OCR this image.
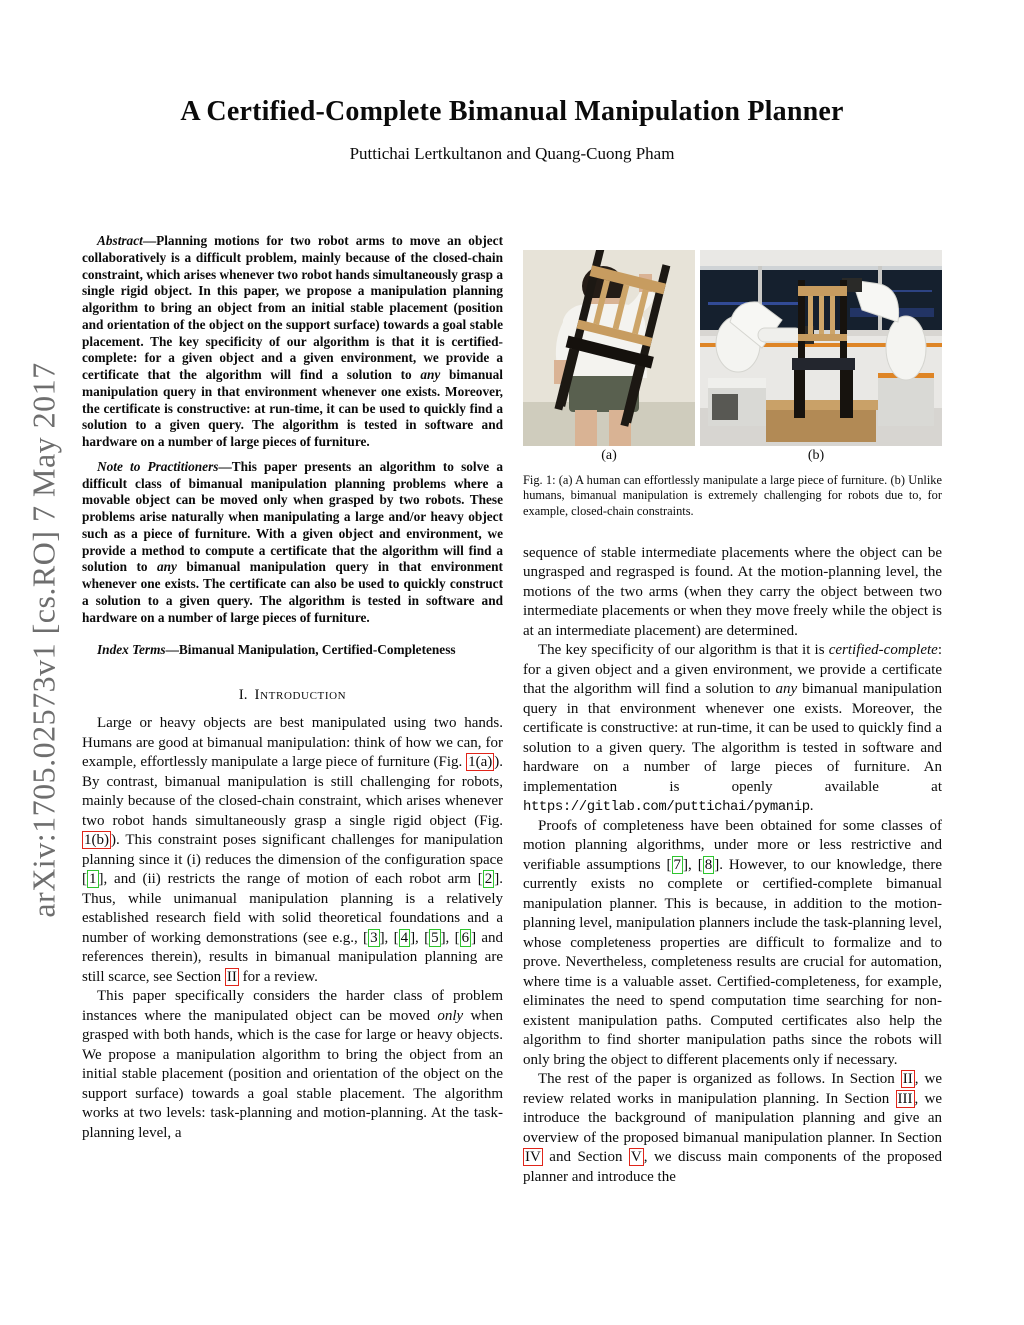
arXiv:1705.02573v1 [cs.RO] 7 May 2017
A Certified-Complete Bimanual Manipulation Planner
Puttichai Lertkultanon and Quang-Cuong Pham

Abstract—Planning motions for two robot arms to move an object collaboratively is a difficult problem, mainly because of the closed-chain constraint, which arises whenever two robot hands simultaneously grasp a single rigid object. In this paper, we propose a manipulation planning algorithm to bring an object from an initial stable placement (position and orientation of the object on the support surface) towards a goal stable placement. The key specificity of our algorithm is that it is certified-complete: for a given object and a given environment, we provide a certificate that the algorithm will find a solution to any bimanual manipulation query in that environment whenever one exists. Moreover, the certificate is constructive: at run-time, it can be used to quickly find a solution to a given query. The algorithm is tested in software and hardware on a number of large pieces of furniture.

Note to Practitioners—This paper presents an algorithm to solve a difficult class of bimanual manipulation planning problems where a movable object can be moved only when grasped by two robots. These problems arise naturally when manipulating a large and/or heavy object such as a piece of furniture. With a given object and environment, we provide a method to compute a certificate that the algorithm will find a solution to any bimanual manipulation query in that environment whenever one exists. The certificate can also be used to quickly construct a solution to a given query. The algorithm is tested in software and hardware on a number of large pieces of furniture.

Index Terms—Bimanual Manipulation, Certified-Completeness

I. Introduction

Large or heavy objects are best manipulated using two hands. Humans are good at bimanual manipulation: think of how we can, for example, effortlessly manipulate a large piece of furniture (Fig. 1(a) ). By contrast, bimanual manipulation is still challenging for robots, mainly because of the closed-chain constraint, which arises whenever two robot hands simultaneously grasp a single rigid object (Fig. 1(b) ). This constraint poses significant challenges for manipulation planning since it (i) reduces the dimension of the configuration space [ 1 ], and (ii) restricts the range of motion of each robot arm [ 2 ]. Thus, while unimanual manipulation planning is a relatively established research field with solid theoretical foundations and a number of working demonstrations (see e.g., [ 3 ], [ 4 ], [ 5 ], [ 6 ] and references therein), results in bimanual manipulation planning are still scarce, see Section II for a review.

This paper specifically considers the harder class of problem instances where the manipulated object can be moved only when grasped with both hands, which is the case for large or heavy objects. We propose a manipulation algorithm to bring the object from an initial stable placement (position and orientation of the object on the support surface) towards a goal stable placement. The algorithm works at two levels: task-planning and motion-planning. At the task-planning level, a

(a)	(b)

Fig. 1: (a) A human can effortlessly manipulate a large piece of furniture. (b) Unlike humans, bimanual manipulation is extremely challenging for robots due to, for example, closed-chain constraints.

sequence of stable intermediate placements where the object can be ungrasped and regrasped is found. At the motion-planning level, the motions of the two arms (when they carry the object between two intermediate placements or when they move freely while the object is at an intermediate placement) are determined.

The key specificity of our algorithm is that it is certified-complete: for a given object and a given environment, we provide a certificate that the algorithm will find a solution to any bimanual manipulation query in that environment whenever one exists. Moreover, the certificate is constructive: at run-time, it can be used to quickly find a solution to a given query. The algorithm is tested in software and hardware on a number of large pieces of furniture. An implementation is openly available at https://gitlab.com/puttichai/pymanip.

Proofs of completeness have been obtained for some classes of motion planning algorithms, under more or less restrictive and verifiable assumptions [ 7 ], [ 8 ]. However, to our knowledge, there currently exists no complete or certified-complete bimanual manipulation planner. This is because, in addition to the motion-planning level, manipulation planners include the task-planning level, whose completeness properties are difficult to formalize and to prove. Nevertheless, completeness results are crucial for automation, where time is a valuable asset. Certified-completeness, for example, eliminates the need to spend computation time searching for non-existent manipulation paths. Computed certificates also help the algorithm to find shorter manipulation paths since the robots will only bring the object to different placements only if necessary.

The rest of the paper is organized as follows. In Section II , we review related works in manipulation planning. In Section III , we introduce the background of manipulation planning and give an overview of the proposed bimanual manipulation planner. In Section IV and Section V , we discuss main components of the proposed planner and introduce the
